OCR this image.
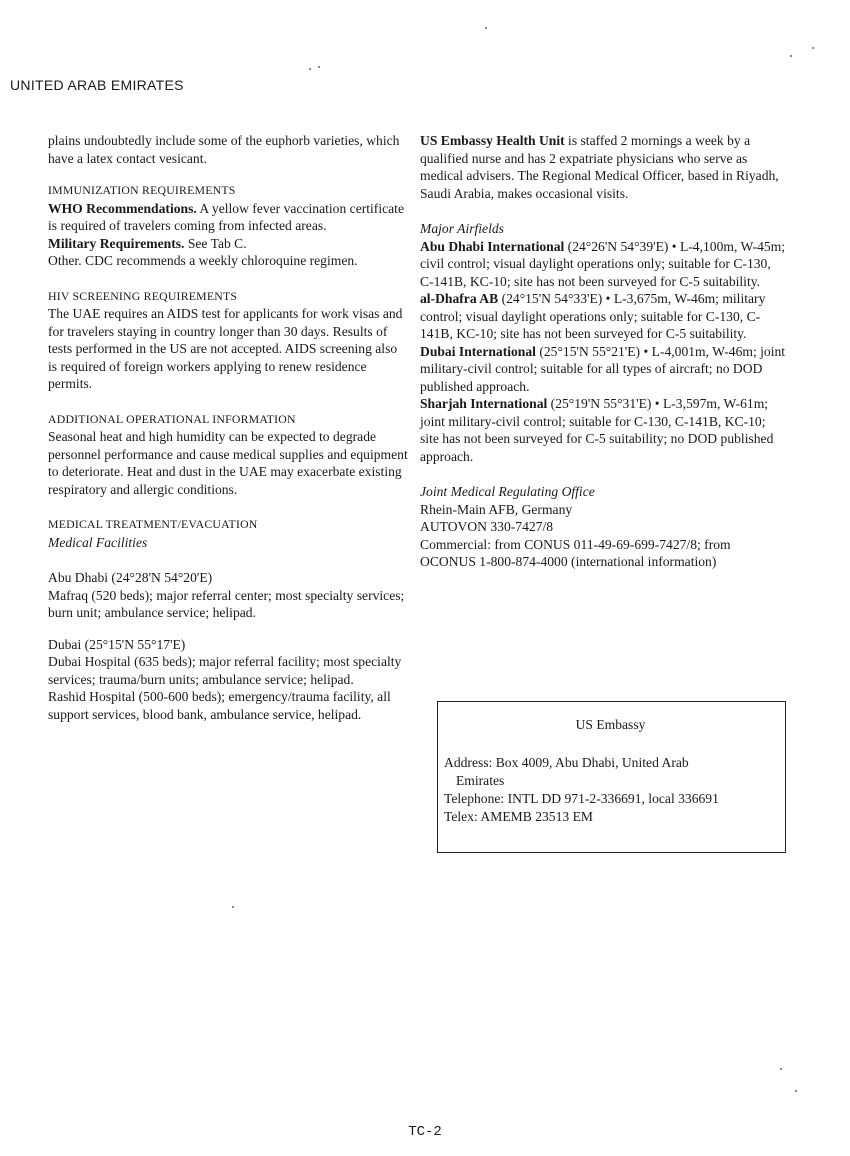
UNITED ARAB EMIRATES

plains undoubtedly include some of the euphorb varieties, which have a latex contact vesicant.

IMMUNIZATION REQUIREMENTS

WHO Recommendations. A yellow fever vaccination certificate is required of travelers coming from infected areas.

Military Requirements. See Tab C.

Other. CDC recommends a weekly chloroquine regimen.

HIV SCREENING REQUIREMENTS

The UAE requires an AIDS test for applicants for work visas and for travelers staying in country longer than 30 days. Results of tests performed in the US are not accepted. AIDS screening also is required of foreign workers applying to renew residence permits.

ADDITIONAL OPERATIONAL INFORMATION

Seasonal heat and high humidity can be expected to degrade personnel performance and cause medical supplies and equipment to deteriorate. Heat and dust in the UAE may exacerbate existing respiratory and allergic conditions.

MEDICAL TREATMENT/EVACUATION

Medical Facilities

Abu Dhabi (24°28'N 54°20'E)

Mafraq (520 beds); major referral center; most specialty services; burn unit; ambulance service; helipad.

Dubai (25°15'N 55°17'E)

Dubai Hospital (635 beds); major referral facility; most specialty services; trauma/burn units; ambulance service; helipad.

Rashid Hospital (500-600 beds); emergency/trauma facility, all support services, blood bank, ambulance service, helipad.

US Embassy Health Unit is staffed 2 mornings a week by a qualified nurse and has 2 expatriate physicians who serve as medical advisers. The Regional Medical Officer, based in Riyadh, Saudi Arabia, makes occasional visits.

Major Airfields

Abu Dhabi International (24°26'N 54°39'E) • L-4,100m, W-45m; civil control; visual daylight operations only; suitable for C-130, C-141B, KC-10; site has not been surveyed for C-5 suitability.

al-Dhafra AB (24°15'N 54°33'E) • L-3,675m, W-46m; military control; visual daylight operations only; suitable for C-130, C-141B, KC-10; site has not been surveyed for C-5 suitability.

Dubai International (25°15'N 55°21'E) • L-4,001m, W-46m; joint military-civil control; suitable for all types of aircraft; no DOD published approach.

Sharjah International (25°19'N 55°31'E) • L-3,597m, W-61m; joint military-civil control; suitable for C-130, C-141B, KC-10; site has not been surveyed for C-5 suitability; no DOD published approach.

Joint Medical Regulating Office

Rhein-Main AFB, Germany

AUTOVON 330-7427/8

Commercial: from CONUS 011-49-69-699-7427/8; from OCONUS 1-800-874-4000 (international information)

US Embassy

Address: Box 4009, Abu Dhabi, United Arab

Emirates

Telephone: INTL DD 971-2-336691, local 336691

Telex: AMEMB 23513 EM

TC-2
